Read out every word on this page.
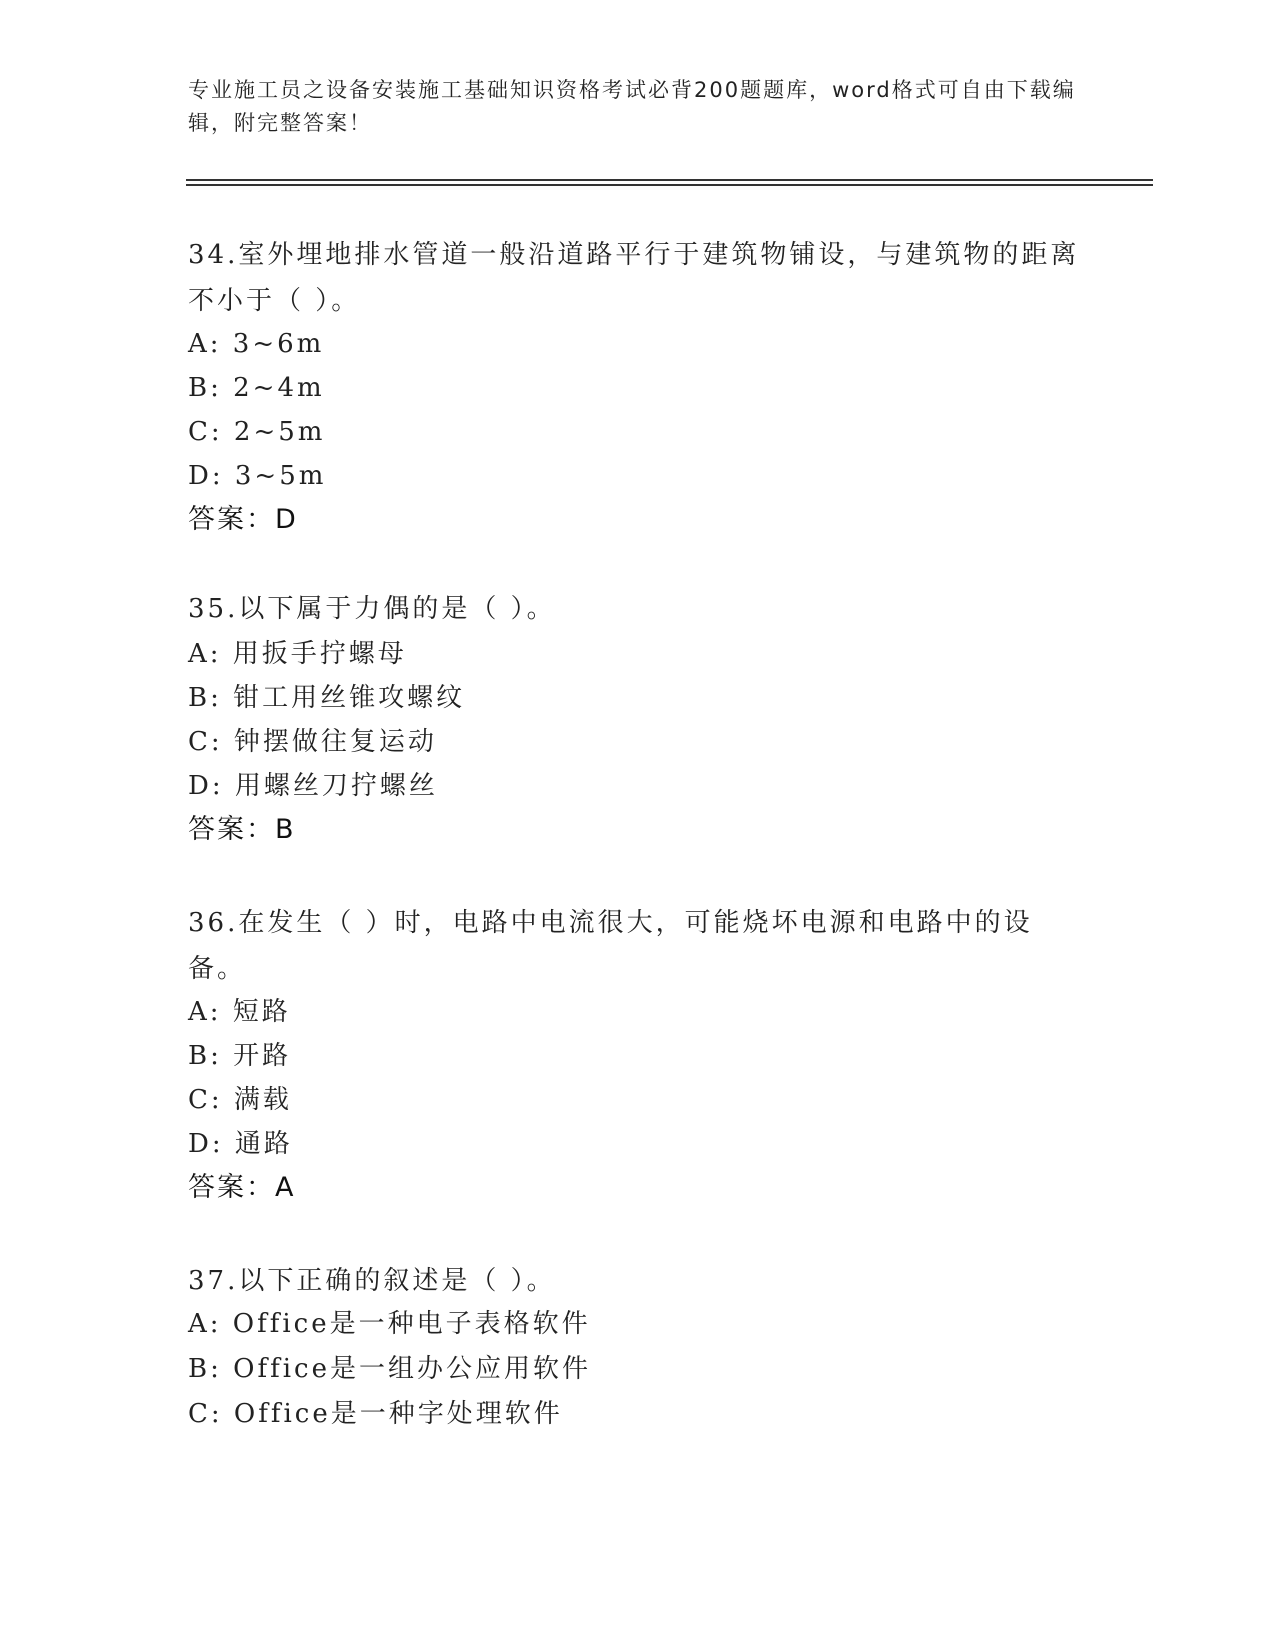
专业施工员之设备安装施工基础知识资格考试必背200题题库，word格式可自由下载编辑，附完整答案！
34.室外埋地排水管道一般沿道路平行于建筑物铺设，与建筑物的距离不小于（ ）。
A: 3~6m
B: 2~4m
C: 2~5m
D: 3~5m
答案：D
35.以下属于力偶的是（ ）。
A: 用扳手拧螺母
B: 钳工用丝锥攻螺纹
C: 钟摆做往复运动
D: 用螺丝刀拧螺丝
答案：B
36.在发生（ ）时，电路中电流很大，可能烧坏电源和电路中的设备。
A: 短路
B: 开路
C: 满载
D: 通路
答案：A
37.以下正确的叙述是（ ）。
A: Office是一种电子表格软件
B: Office是一组办公应用软件
C: Office是一种字处理软件
